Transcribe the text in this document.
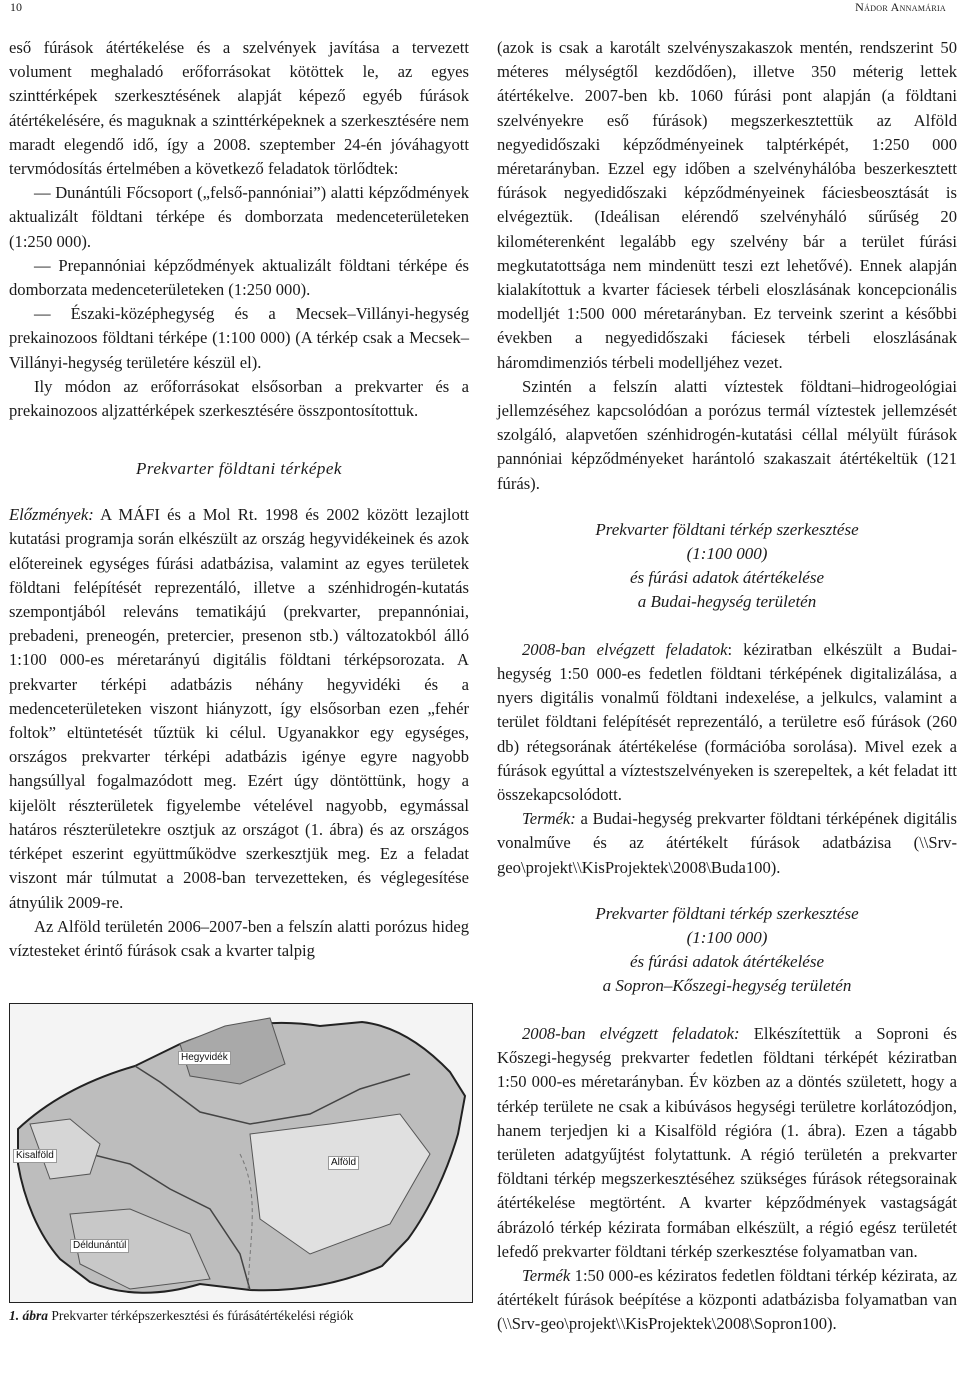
10	Nádor Annamária

eső fúrások átértékelése és a szelvények javítása a tervezett volument meghaladó erőforrásokat kötöttek le, az egyes szinttérképek szerkesztésének alapját képező egyéb fúrások átértékelésére, és maguknak a szinttérképeknek a szerkesztésére nem maradt elegendő idő, így a 2008. szeptember 24-én jóváhagyott tervmódosítás értelmében a következő feladatok törlődtek:

— Dunántúli Főcsoport („felső-pannóniai”) alatti képződmények aktualizált földtani térképe és domborzata medenceterületeken (1:250 000).

— Prepannóniai képződmények aktualizált földtani térképe és domborzata medenceterületeken (1:250 000).

— Északi-középhegység és a Mecsek–Villányi-hegység prekainozoos földtani térképe (1:100 000) (A térkép csak a Mecsek–Villányi-hegység területére készül el).

Ily módon az erőforrásokat elsősorban a prekvarter és a prekainozoos aljzattérképek szerkesztésére összpontosítottuk.

Prekvarter földtani térképek

Előzmények: A MÁFI és a Mol Rt. 1998 és 2002 között lezajlott kutatási programja során elkészült az ország hegyvidékeinek és azok előtereinek egységes fúrási adatbázisa, valamint az egyes területek földtani felépítését reprezentáló, illetve a szénhidrogén-kutatás szempontjából releváns tematikájú (prekvarter, prepannóniai, prebadeni, preneogén, pretercier, presenon stb.) változatokból álló 1:100 000-es méretarányú digitális földtani térképsorozata. A prekvarter térképi adatbázis néhány hegyvidéki és a medenceterületeken viszont hiányzott, így elsősorban ezen „fehér foltok” eltüntetését tűztük ki célul. Ugyanakkor egy egységes, országos prekvarter térképi adatbázis igénye egyre nagyobb hangsúllyal fogalmazódott meg. Ezért úgy döntöttünk, hogy a kijelölt részterületek figyelembe vételével nagyobb, egymással határos részterületekre osztjuk az országot (1. ábra) és az országos térképet eszerint együttműködve szerkesztjük meg. Ez a feladat viszont már túlmutat a 2008-ban tervezetteken, és véglegesítése átnyúlik 2009-re.

Az Alföld területén 2006–2007-ben a felszín alatti porózus hideg víztesteket érintő fúrások csak a kvarter talpig

Hegyvidék
Kisalföld
Alföld
Déldunántúl
1. ábra Prekvarter térképszerkesztési és fúrásátértékelési régiók

(azok is csak a karotált szelvényszakaszok mentén, rendszerint 50 méteres mélységtől kezdődően), illetve 350 méterig lettek átértékelve. 2007-ben kb. 1060 fúrási pont alapján (a földtani szelvényekre eső fúrások) megszerkesztettük az Alföld negyedidőszaki képződményeinek talptérképét, 1:250 000 méretarányban. Ezzel egy időben a szelvényhálóba beszerkesztett fúrások negyedidőszaki képződményeinek fáciesbeosztását is elvégeztük. (Ideálisan elérendő szelvényháló sűrűség 20 kilométerenként legalább egy szelvény bár a terület fúrási megkutatottsága nem mindenütt teszi ezt lehetővé). Ennek alapján kialakítottuk a kvarter fáciesek térbeli eloszlásának koncepcionális modelljét 1:500 000 méretarányban. Ez terveink szerint a későbbi években a negyedidőszaki fáciesek térbeli eloszlásának háromdimenziós térbeli modelljéhez vezet.

Szintén a felszín alatti víztestek földtani–hidrogeológiai jellemzéséhez kapcsolódóan a porózus termál víztestek jellemzését szolgáló, alapvetően szénhidrogén-kutatási céllal mélyült fúrások pannóniai képződményeket harántoló szakaszait átértékeltük (121 fúrás).

Prekvarter földtani térkép szerkesztése
(1:100 000)
és fúrási adatok átértékelése
a Budai-hegység területén

2008-ban elvégzett feladatok: kéziratban elkészült a Budai-hegység 1:50 000-es fedetlen földtani térképének digitalizálása, a nyers digitális vonalmű földtani indexelése, a jelkulcs, valamint a terület földtani felépítését reprezentáló, a területre eső fúrások (260 db) rétegsorának átértékelése (formációba sorolása). Mivel ezek a fúrások egyúttal a víztestszelvényeken is szerepeltek, a két feladat itt összekapcsolódott.

Termék: a Budai-hegység prekvarter földtani térképének digitális vonalműve és az átértékelt fúrások adatbázisa (\\Srv-geo\projekt\\KisProjektek\2008\Buda100).

Prekvarter földtani térkép szerkesztése
(1:100 000)
és fúrási adatok átértékelése
a Sopron–Kőszegi-hegység területén

2008-ban elvégzett feladatok: Elkészítettük a Soproni és Kőszegi-hegység prekvarter fedetlen földtani térképét kéziratban 1:50 000-es méretarányban. Év közben az a döntés született, hogy a térkép területe ne csak a kibúvásos hegységi területre korlátozódjon, hanem terjedjen ki a Kisalföld régióra (1. ábra). Ezen a tágabb területen adatgyűjtést folytattunk. A régió területén a prekvarter földtani térkép megszerkesztéséhez szükséges fúrások rétegsorainak átértékelése megtörtént. A kvarter képződmények vastagságát ábrázoló térkép kézirata formában elkészült, a régió egész területét lefedő prekvarter földtani térkép szerkesztése folyamatban van.

Termék 1:50 000-es kéziratos fedetlen földtani térkép kézirata, az átértékelt fúrások beépítése a központi adatbázisba folyamatban van (\\Srv-geo\projekt\\KisProjektek\2008\Sopron100).
